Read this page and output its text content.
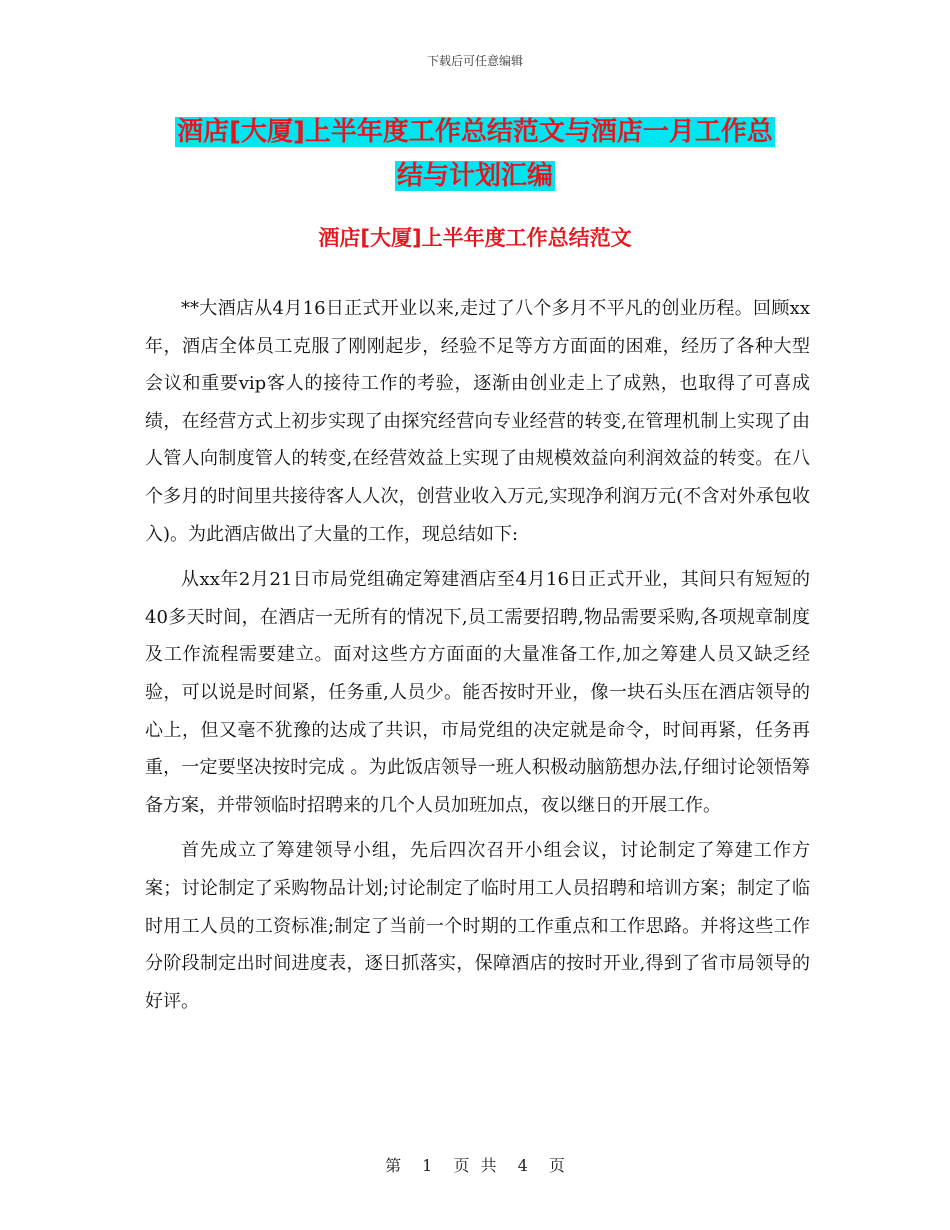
下载后可任意编辑
酒店[大厦]上半年度工作总结范文与酒店一月工作总
结与计划汇编
酒店[大厦]上半年度工作总结范文

**大酒店从4月16日正式开业以来,走过了八个多月不平凡的创业历程。回顾xx年，酒店全体员工克服了刚刚起步，经验不足等方方面面的困难，经历了各种大型会议和重要vip客人的接待工作的考验，逐渐由创业走上了成熟，也取得了可喜成绩，在经营方式上初步实现了由探究经营向专业经营的转变,在管理机制上实现了由人管人向制度管人的转变,在经营效益上实现了由规模效益向利润效益的转变。在八个多月的时间里共接待客人人次，创营业收入万元,实现净利润万元(不含对外承包收入)。为此酒店做出了大量的工作，现总结如下:

从xx年2月21日市局党组确定筹建酒店至4月16日正式开业，其间只有短短的40多天时间，在酒店一无所有的情况下,员工需要招聘,物品需要采购,各项规章制度及工作流程需要建立。面对这些方方面面的大量准备工作,加之筹建人员又缺乏经验，可以说是时间紧，任务重,人员少。能否按时开业，像一块石头压在酒店领导的心上，但又毫不犹豫的达成了共识，市局党组的决定就是命令，时间再紧，任务再重，一定要坚决按时完成 。为此饭店领导一班人积极动脑筋想办法,仔细讨论领悟筹备方案，并带领临时招聘来的几个人员加班加点，夜以继日的开展工作。

首先成立了筹建领导小组，先后四次召开小组会议，讨论制定了筹建工作方案；讨论制定了采购物品计划;讨论制定了临时用工人员招聘和培训方案；制定了临时用工人员的工资标准;制定了当前一个时期的工作重点和工作思路。并将这些工作分阶段制定出时间进度表，逐日抓落实，保障酒店的按时开业,得到了省市局领导的好评。

第 1 页 共 4 页
